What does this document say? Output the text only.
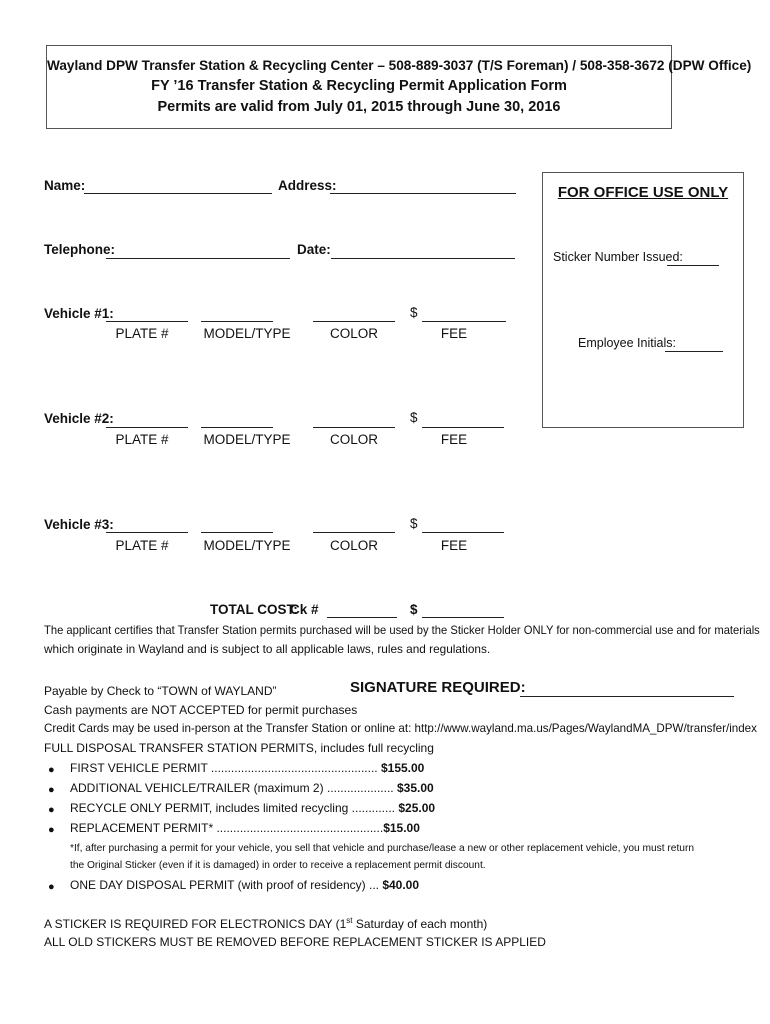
Wayland DPW Transfer Station & Recycling Center – 508-889-3037 (T/S Foreman) / 508-358-3672 (DPW Office)
FY ’16 Transfer Station & Recycling Permit Application Form
Permits are valid from July 01, 2015 through June 30, 2016
Name:	Address:
Telephone:	Date:
FOR OFFICE USE ONLY
Sticker Number Issued:
Employee Initials:
Vehicle #1:	$
PLATE #	MODEL/TYPE	COLOR	FEE
Vehicle #2:	$
PLATE #	MODEL/TYPE	COLOR	FEE
Vehicle #3:	$
PLATE #	MODEL/TYPE	COLOR	FEE
TOTAL COST:
Ck #	$
The applicant certifies that Transfer Station permits purchased will be used by the Sticker Holder ONLY for non-commercial use and for materials
which originate in Wayland and is subject to all applicable laws, rules and regulations.
Payable by Check to “TOWN of WAYLAND”	SIGNATURE REQUIRED:
Cash payments are NOT ACCEPTED for permit purchases
Credit Cards may be used in-person at the Transfer Station or online at: http://www.wayland.ma.us/Pages/WaylandMA_DPW/transfer/index
FULL DISPOSAL TRANSFER STATION PERMITS, includes full recycling
● FIRST VEHICLE PERMIT .................................................. $155.00
● ADDITIONAL VEHICLE/TRAILER (maximum 2) .................... $35.00
● RECYCLE ONLY PERMIT, includes limited recycling ............. $25.00
● REPLACEMENT PERMIT* ..................................................$15.00
*If, after purchasing a permit for your vehicle, you sell that vehicle and purchase/lease a new or other replacement vehicle, you must return
the Original Sticker (even if it is damaged) in order to receive a replacement permit discount.
● ONE DAY DISPOSAL PERMIT (with proof of residency) ... $40.00
A STICKER IS REQUIRED FOR ELECTRONICS DAY (1st Saturday of each month)
ALL OLD STICKERS MUST BE REMOVED BEFORE REPLACEMENT STICKER IS APPLIED
